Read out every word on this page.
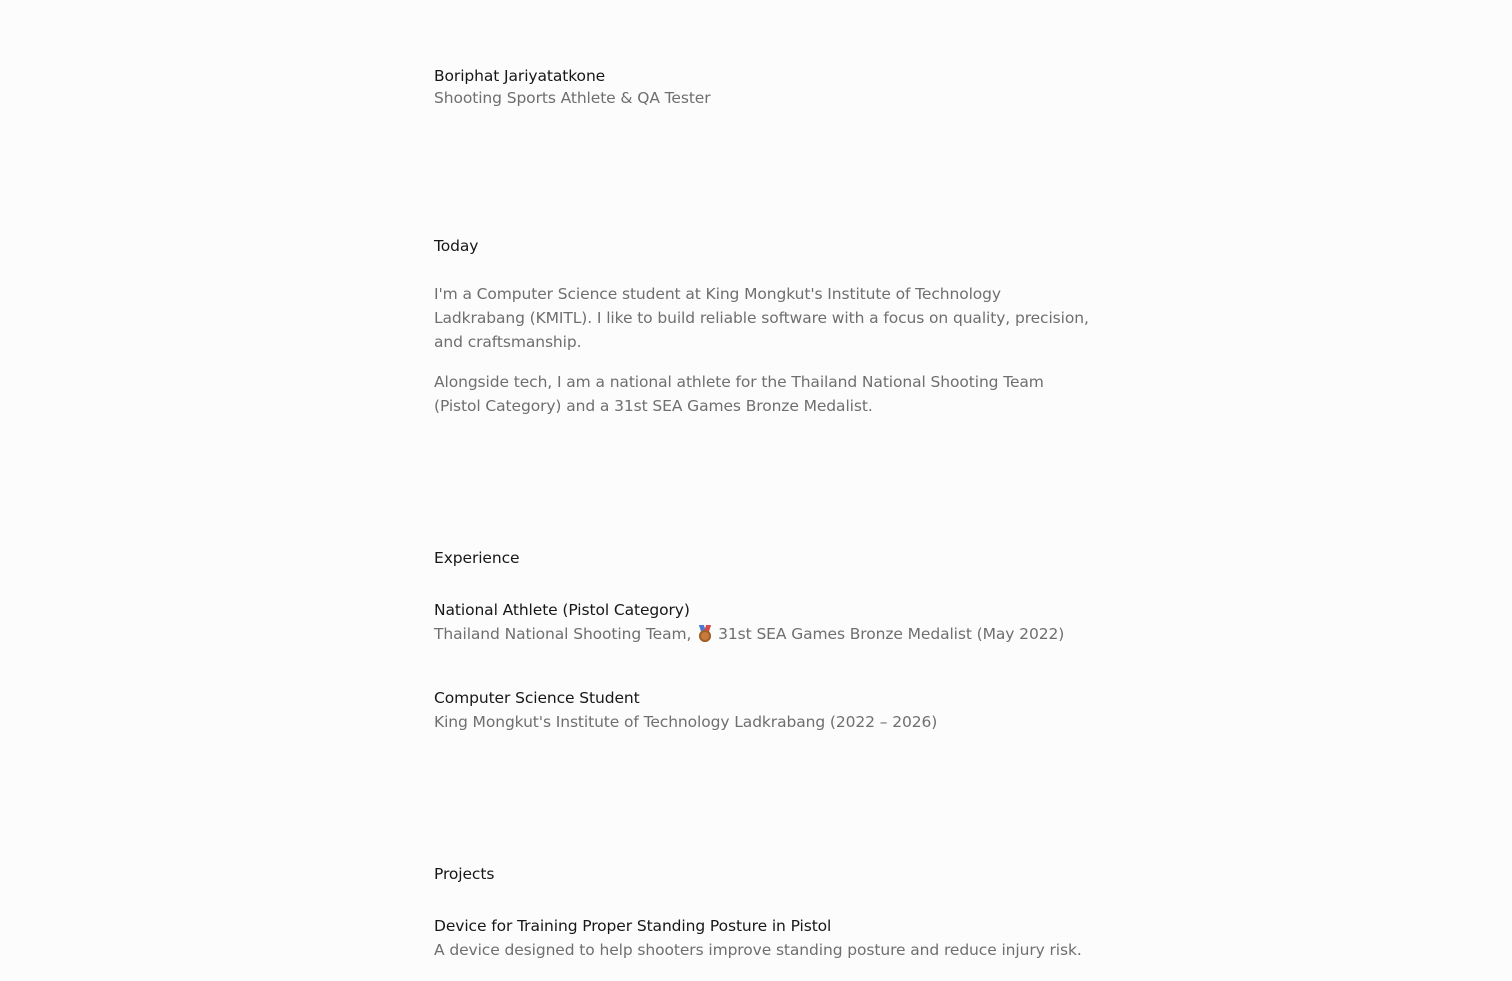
Boriphat Jariyatatkone
Shooting Sports Athlete & QA Tester
Today

I'm a Computer Science student at King Mongkut's Institute of Technology Ladkrabang (KMITL). I like to build reliable software with a focus on quality, precision, and craftsmanship.

Alongside tech, I am a national athlete for the Thailand National Shooting Team (Pistol Category) and a 31st SEA Games Bronze Medalist.

Experience
National Athlete (Pistol Category)
Thailand National Shooting Team, 31st SEA Games Bronze Medalist (May 2022)
Computer Science Student
King Mongkut's Institute of Technology Ladkrabang (2022 – 2026)
Projects
Device for Training Proper Standing Posture in Pistol
A device designed to help shooters improve standing posture and reduce injury risk.
